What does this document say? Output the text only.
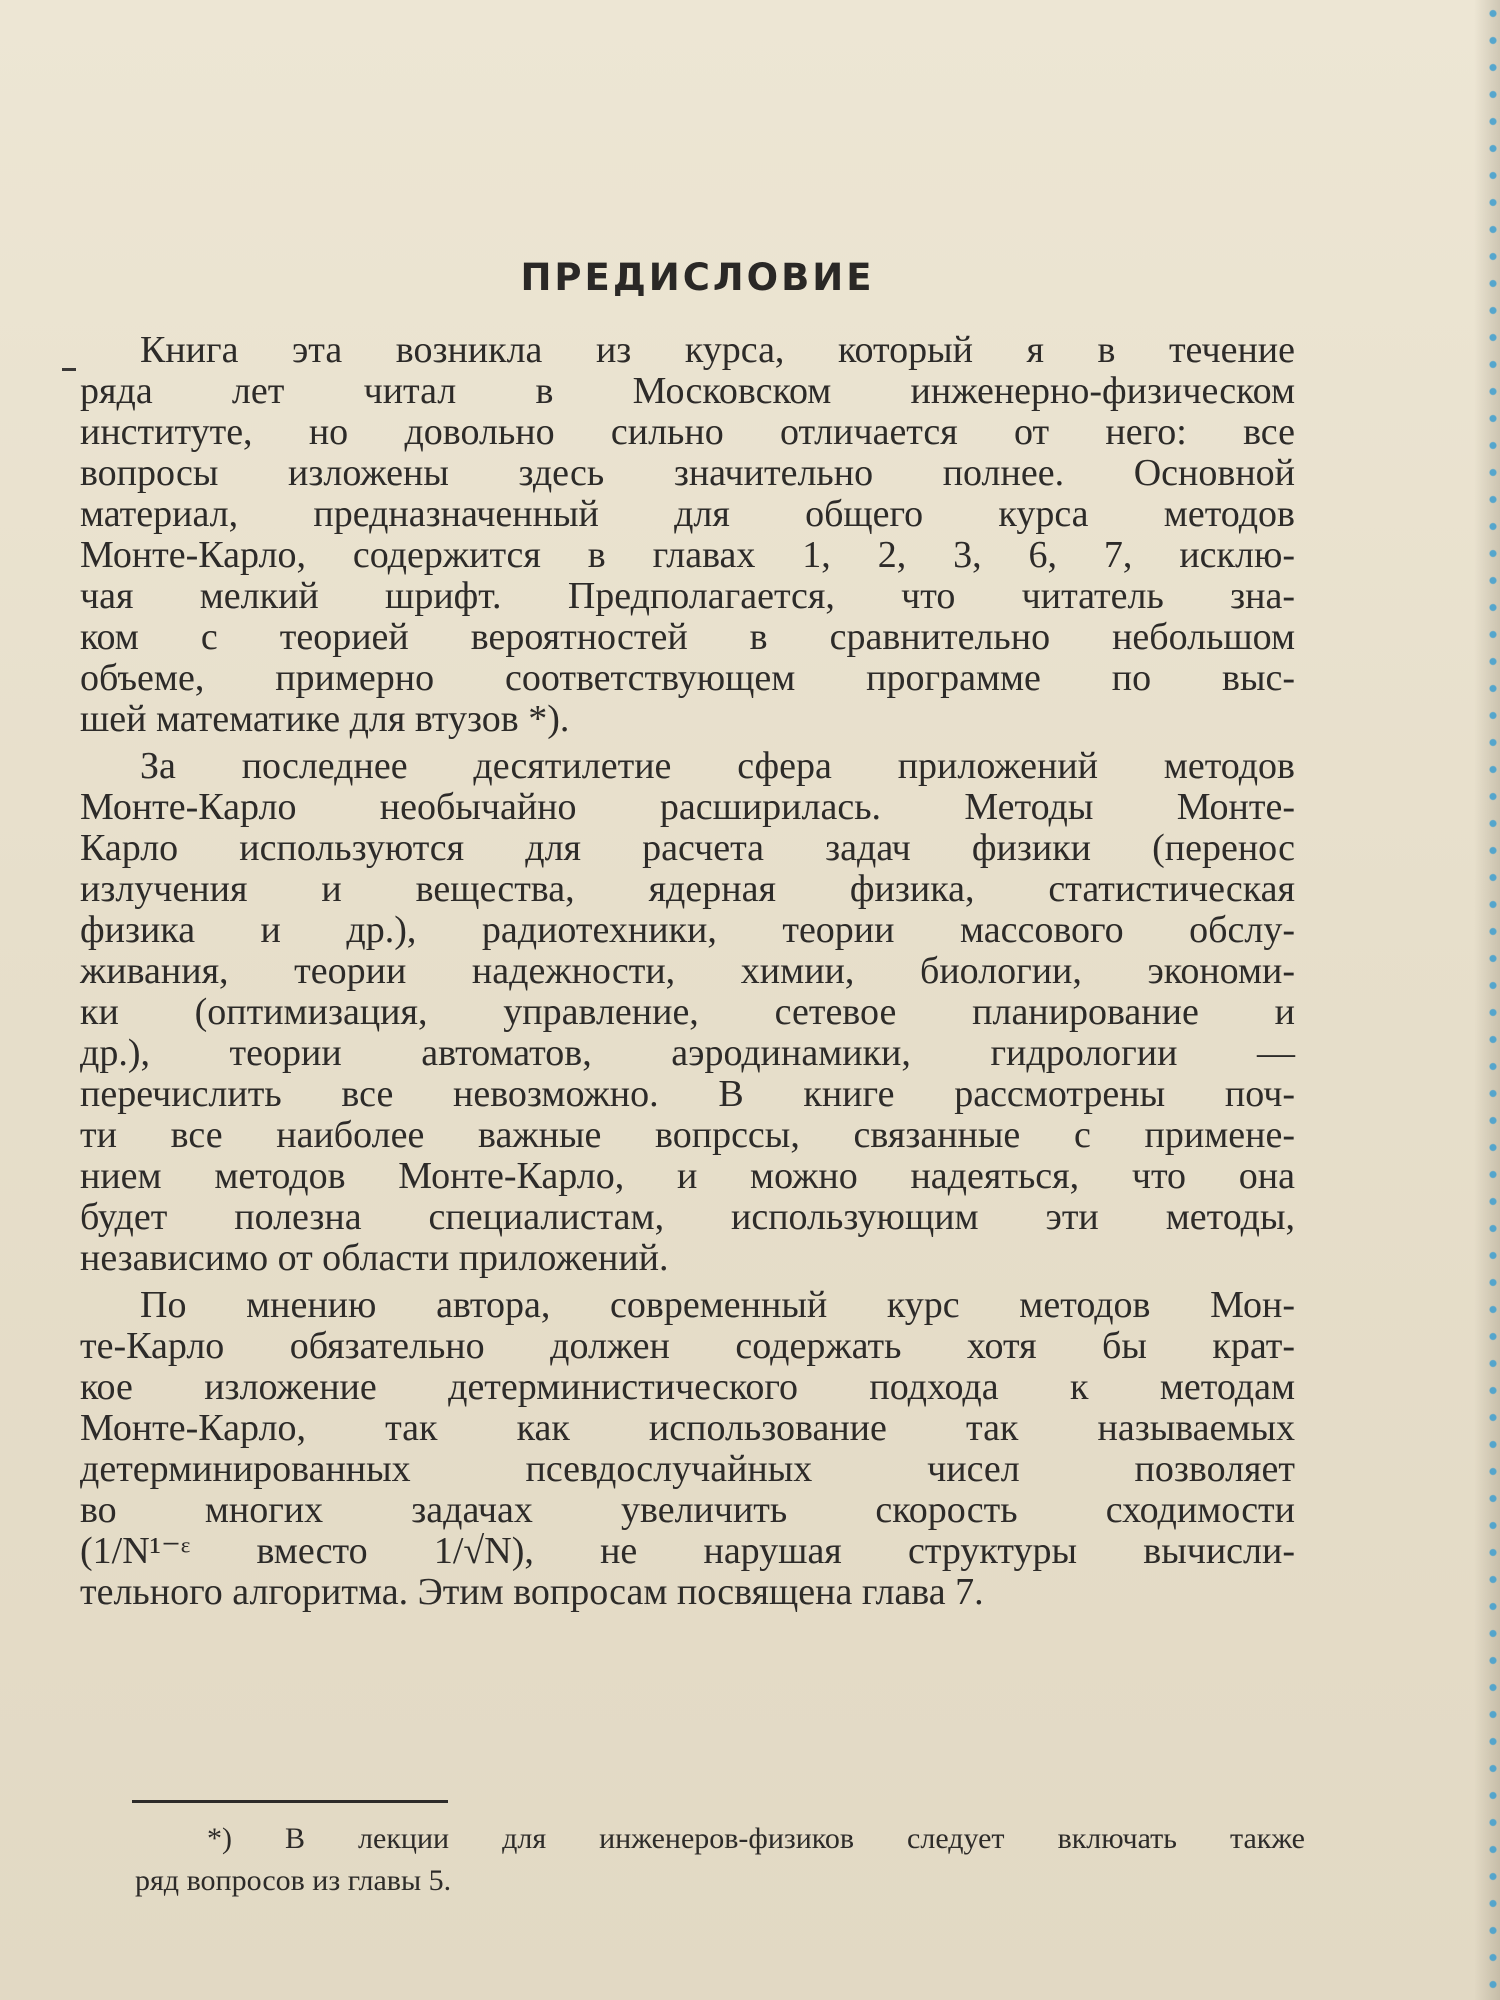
ПРЕДИСЛОВИЕ

Книга эта возникла из курса, который я в течение
ряда лет читал в Московском инженерно-физическом
институте, но довольно сильно отличается от него: все
вопросы изложены здесь значительно полнее. Основной
материал, предназначенный для общего курса методов
Монте-Карло, содержится в главах 1, 2, 3, 6, 7, исклю-
чая мелкий шрифт. Предполагается, что читатель зна-
ком с теорией вероятностей в сравнительно небольшом
объеме, примерно соответствующем программе по выс-
шей математике для втузов *).

За последнее десятилетие сфера приложений методов
Монте-Карло необычайно расширилась. Методы Монте-
Карло используются для расчета задач физики (перенос
излучения и вещества, ядерная физика, статистическая
физика и др.), радиотехники, теории массового обслу-
живания, теории надежности, химии, биологии, экономи-
ки (оптимизация, управление, сетевое планирование и
др.), теории автоматов, аэродинамики, гидрологии —
перечислить все невозможно. В книге рассмотрены поч-
ти все наиболее важные вопрссы, связанные с примене-
нием методов Монте-Карло, и можно надеяться, что она
будет полезна специалистам, использующим эти методы,
независимо от области приложений.

По мнению автора, современный курс методов Мон-
те-Карло обязательно должен содержать хотя бы крат-
кое изложение детерминистического подхода к методам
Монте-Карло, так как использование так называемых
детерминированных псевдослучайных чисел позволяет
во многих задачах увеличить скорость сходимости
(1/N¹⁻ᵋ вместо 1/√N), не нарушая структуры вычисли-
тельного алгоритма. Этим вопросам посвящена глава 7.

*) В лекции для инженеров-физиков следует включать также
ряд вопросов из главы 5.
